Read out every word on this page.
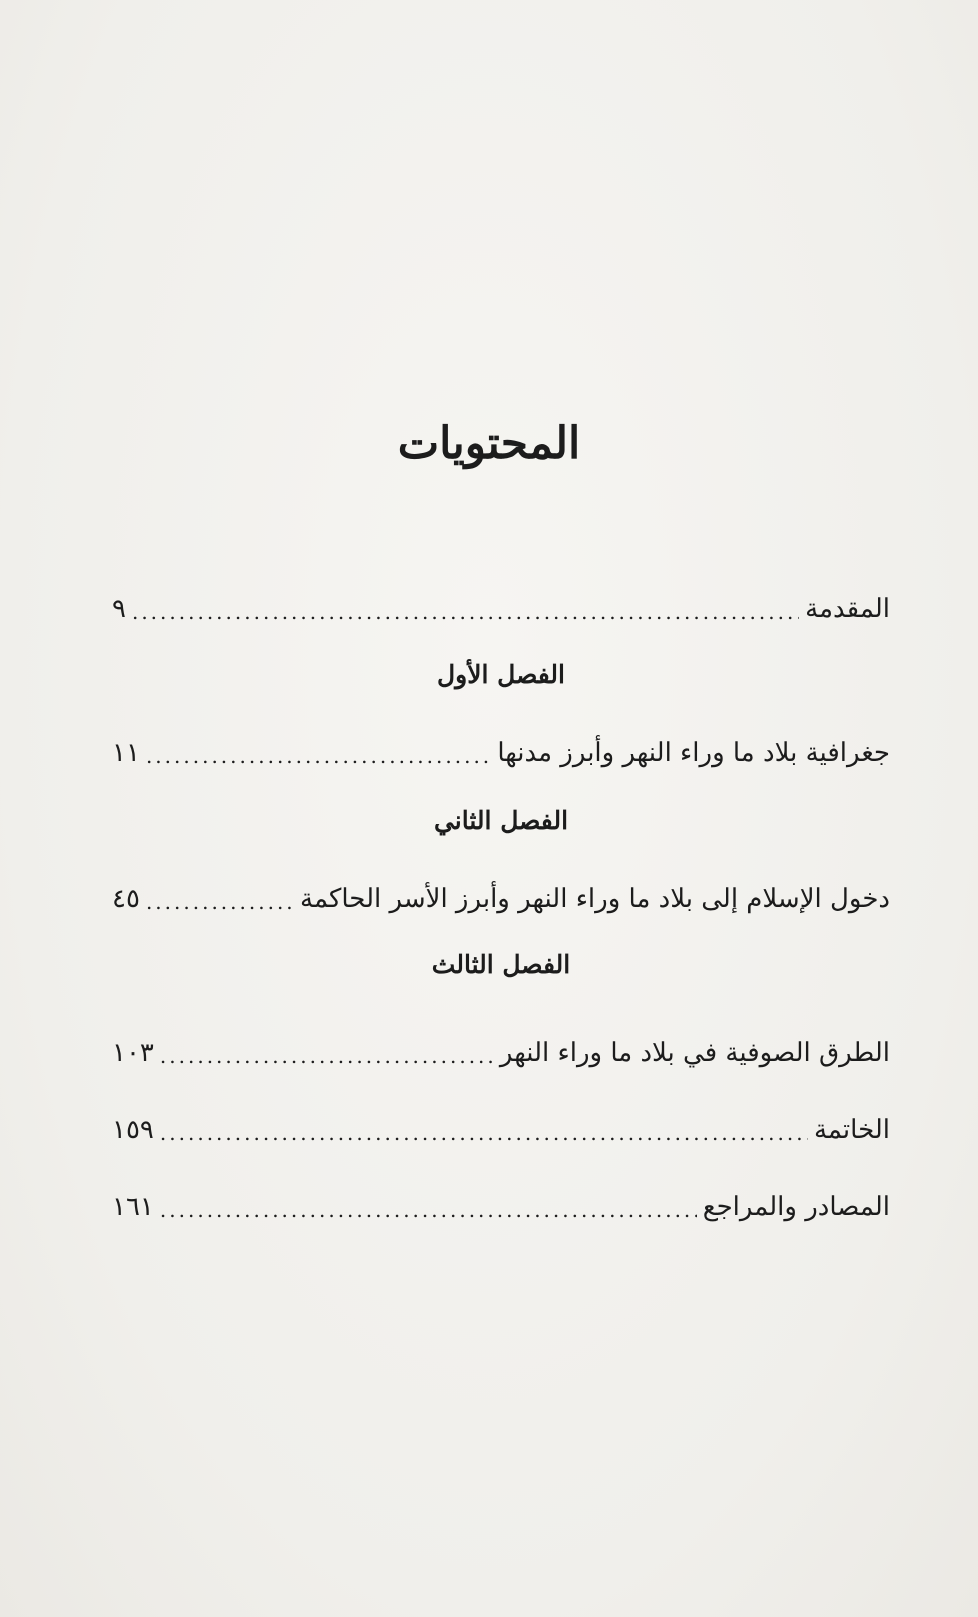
المحتويات
المقدمة
.....
٩
الفصل الأول
جغرافية بلاد ما وراء النهر وأبرز مدنها
.....
١١
الفصل الثاني
دخول الإسلام إلى بلاد ما وراء النهر وأبرز الأسر الحاكمة
.....
٤٥
الفصل الثالث
الطرق الصوفية في بلاد ما وراء النهر
.....
١٠٣
الخاتمة
.....
١٥٩
المصادر والمراجع
.....
١٦١
